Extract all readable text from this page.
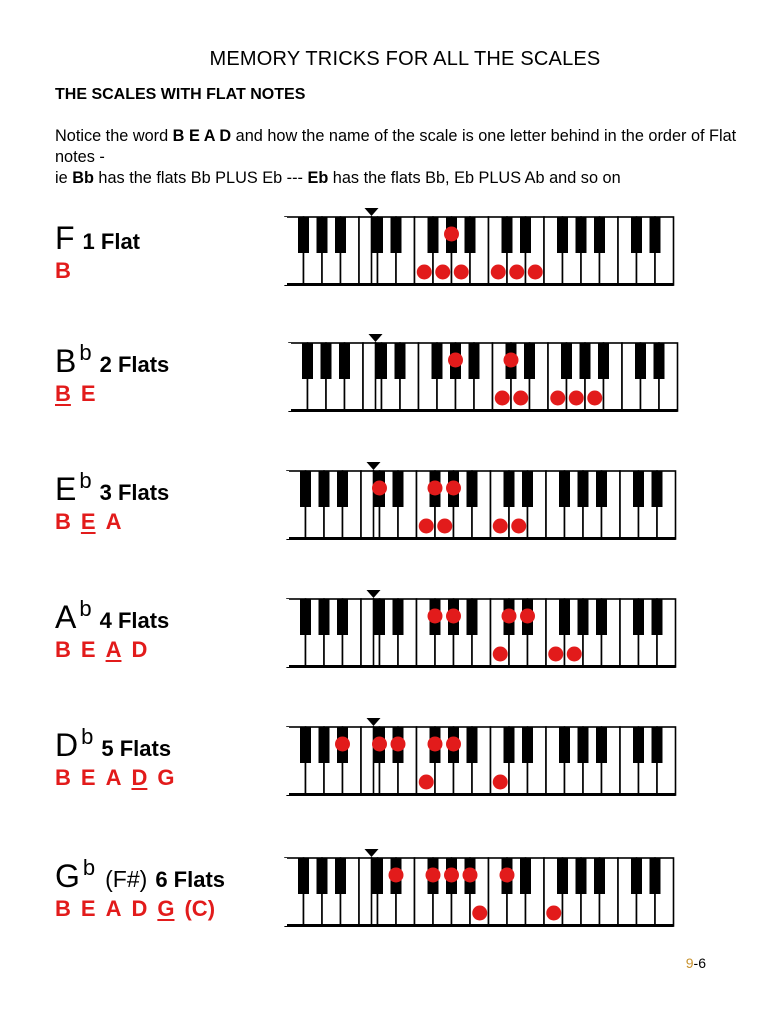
MEMORY TRICKS FOR ALL THE SCALES
THE SCALES WITH FLAT NOTES
Notice the word B E A D and how the name of the scale is one letter behind in the order of Flat notes -
ie Bb has the flats Bb PLUS Eb --- Eb has the flats Bb, Eb PLUS Ab and so on
F 1 Flat
B
B b 2 Flats
B E
E b 3 Flats
B E A
A b 4 Flats
B E A D
D b 5 Flats
B E A D G
G b (F#) 6 Flats
B E A D G (C)
9-6
